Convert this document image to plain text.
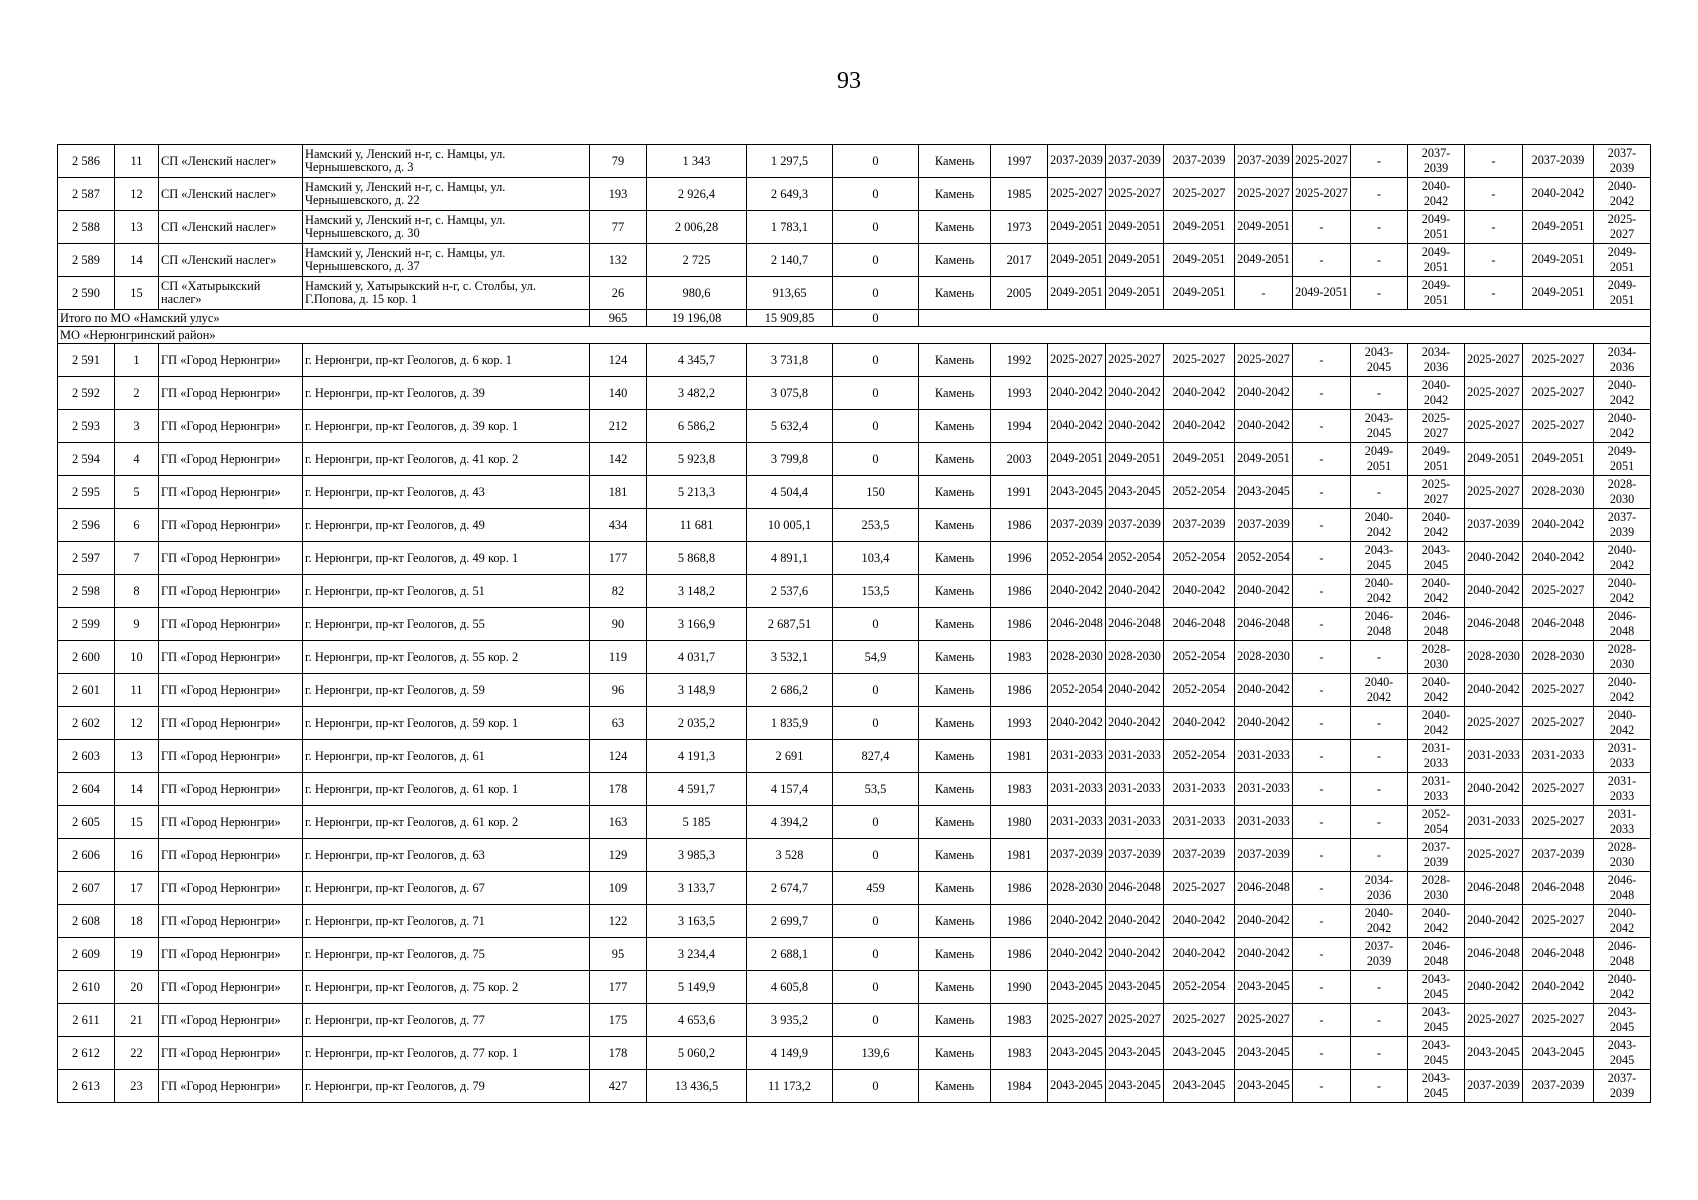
93
2 586	11	СП «Ленский наслег»	Намский у, Ленский н-г, с. Намцы, ул. Чернышевского, д. 3	79	1 343	1 297,5	0	Камень	1997	2037-2039	2037-2039	2037-2039	2037-2039	2025-2027	-	2037-2039	-	2037-2039	2037-2039
2 587	12	СП «Ленский наслег»	Намский у, Ленский н-г, с. Намцы, ул. Чернышевского, д. 22	193	2 926,4	2 649,3	0	Камень	1985	2025-2027	2025-2027	2025-2027	2025-2027	2025-2027	-	2040-2042	-	2040-2042	2040-2042
2 588	13	СП «Ленский наслег»	Намский у, Ленский н-г, с. Намцы, ул. Чернышевского, д. 30	77	2 006,28	1 783,1	0	Камень	1973	2049-2051	2049-2051	2049-2051	2049-2051	-	-	2049-2051	-	2049-2051	2025-2027
2 589	14	СП «Ленский наслег»	Намский у, Ленский н-г, с. Намцы, ул. Чернышевского, д. 37	132	2 725	2 140,7	0	Камень	2017	2049-2051	2049-2051	2049-2051	2049-2051	-	-	2049-2051	-	2049-2051	2049-2051
2 590	15	СП «Хатырыкский наслег»	Намский у, Хатырыкский н-г, с. Столбы, ул. Г.Попова, д. 15 кор. 1	26	980,6	913,65	0	Камень	2005	2049-2051	2049-2051	2049-2051	-	2049-2051	-	2049-2051	-	2049-2051	2049-2051
Итого по МО «Намский улус»				965	19 196,08	15 909,85	0												
МО «Нерюнгринский район»																			
2 591	1	ГП «Город Нерюнгри»	г. Нерюнгри, пр-кт Геологов, д. 6 кор. 1	124	4 345,7	3 731,8	0	Камень	1992	2025-2027	2025-2027	2025-2027	2025-2027	-	2043-2045	2034-2036	2025-2027	2025-2027	2034-2036
2 592	2	ГП «Город Нерюнгри»	г. Нерюнгри, пр-кт Геологов, д. 39	140	3 482,2	3 075,8	0	Камень	1993	2040-2042	2040-2042	2040-2042	2040-2042	-	-	2040-2042	2025-2027	2025-2027	2040-2042
2 593	3	ГП «Город Нерюнгри»	г. Нерюнгри, пр-кт Геологов, д. 39 кор. 1	212	6 586,2	5 632,4	0	Камень	1994	2040-2042	2040-2042	2040-2042	2040-2042	-	2043-2045	2025-2027	2025-2027	2025-2027	2040-2042
2 594	4	ГП «Город Нерюнгри»	г. Нерюнгри, пр-кт Геологов, д. 41 кор. 2	142	5 923,8	3 799,8	0	Камень	2003	2049-2051	2049-2051	2049-2051	2049-2051	-	2049-2051	2049-2051	2049-2051	2049-2051	2049-2051
2 595	5	ГП «Город Нерюнгри»	г. Нерюнгри, пр-кт Геологов, д. 43	181	5 213,3	4 504,4	150	Камень	1991	2043-2045	2043-2045	2052-2054	2043-2045	-	-	2025-2027	2025-2027	2028-2030	2028-2030
2 596	6	ГП «Город Нерюнгри»	г. Нерюнгри, пр-кт Геологов, д. 49	434	11 681	10 005,1	253,5	Камень	1986	2037-2039	2037-2039	2037-2039	2037-2039	-	2040-2042	2040-2042	2037-2039	2040-2042	2037-2039
2 597	7	ГП «Город Нерюнгри»	г. Нерюнгри, пр-кт Геологов, д. 49 кор. 1	177	5 868,8	4 891,1	103,4	Камень	1996	2052-2054	2052-2054	2052-2054	2052-2054	-	2043-2045	2043-2045	2040-2042	2040-2042	2040-2042
2 598	8	ГП «Город Нерюнгри»	г. Нерюнгри, пр-кт Геологов, д. 51	82	3 148,2	2 537,6	153,5	Камень	1986	2040-2042	2040-2042	2040-2042	2040-2042	-	2040-2042	2040-2042	2040-2042	2025-2027	2040-2042
2 599	9	ГП «Город Нерюнгри»	г. Нерюнгри, пр-кт Геологов, д. 55	90	3 166,9	2 687,51	0	Камень	1986	2046-2048	2046-2048	2046-2048	2046-2048	-	2046-2048	2046-2048	2046-2048	2046-2048	2046-2048
2 600	10	ГП «Город Нерюнгри»	г. Нерюнгри, пр-кт Геологов, д. 55 кор. 2	119	4 031,7	3 532,1	54,9	Камень	1983	2028-2030	2028-2030	2052-2054	2028-2030	-	-	2028-2030	2028-2030	2028-2030	2028-2030
2 601	11	ГП «Город Нерюнгри»	г. Нерюнгри, пр-кт Геологов, д. 59	96	3 148,9	2 686,2	0	Камень	1986	2052-2054	2040-2042	2052-2054	2040-2042	-	2040-2042	2040-2042	2040-2042	2025-2027	2040-2042
2 602	12	ГП «Город Нерюнгри»	г. Нерюнгри, пр-кт Геологов, д. 59 кор. 1	63	2 035,2	1 835,9	0	Камень	1993	2040-2042	2040-2042	2040-2042	2040-2042	-	-	2040-2042	2025-2027	2025-2027	2040-2042
2 603	13	ГП «Город Нерюнгри»	г. Нерюнгри, пр-кт Геологов, д. 61	124	4 191,3	2 691	827,4	Камень	1981	2031-2033	2031-2033	2052-2054	2031-2033	-	-	2031-2033	2031-2033	2031-2033	2031-2033
2 604	14	ГП «Город Нерюнгри»	г. Нерюнгри, пр-кт Геологов, д. 61 кор. 1	178	4 591,7	4 157,4	53,5	Камень	1983	2031-2033	2031-2033	2031-2033	2031-2033	-	-	2031-2033	2040-2042	2025-2027	2031-2033
2 605	15	ГП «Город Нерюнгри»	г. Нерюнгри, пр-кт Геологов, д. 61 кор. 2	163	5 185	4 394,2	0	Камень	1980	2031-2033	2031-2033	2031-2033	2031-2033	-	-	2052-2054	2031-2033	2025-2027	2031-2033
2 606	16	ГП «Город Нерюнгри»	г. Нерюнгри, пр-кт Геологов, д. 63	129	3 985,3	3 528	0	Камень	1981	2037-2039	2037-2039	2037-2039	2037-2039	-	-	2037-2039	2025-2027	2037-2039	2028-2030
2 607	17	ГП «Город Нерюнгри»	г. Нерюнгри, пр-кт Геологов, д. 67	109	3 133,7	2 674,7	459	Камень	1986	2028-2030	2046-2048	2025-2027	2046-2048	-	2034-2036	2028-2030	2046-2048	2046-2048	2046-2048
2 608	18	ГП «Город Нерюнгри»	г. Нерюнгри, пр-кт Геологов, д. 71	122	3 163,5	2 699,7	0	Камень	1986	2040-2042	2040-2042	2040-2042	2040-2042	-	2040-2042	2040-2042	2040-2042	2025-2027	2040-2042
2 609	19	ГП «Город Нерюнгри»	г. Нерюнгри, пр-кт Геологов, д. 75	95	3 234,4	2 688,1	0	Камень	1986	2040-2042	2040-2042	2040-2042	2040-2042	-	2037-2039	2046-2048	2046-2048	2046-2048	2046-2048
2 610	20	ГП «Город Нерюнгри»	г. Нерюнгри, пр-кт Геологов, д. 75 кор. 2	177	5 149,9	4 605,8	0	Камень	1990	2043-2045	2043-2045	2052-2054	2043-2045	-	-	2043-2045	2040-2042	2040-2042	2040-2042
2 611	21	ГП «Город Нерюнгри»	г. Нерюнгри, пр-кт Геологов, д. 77	175	4 653,6	3 935,2	0	Камень	1983	2025-2027	2025-2027	2025-2027	2025-2027	-	-	2043-2045	2025-2027	2025-2027	2043-2045
2 612	22	ГП «Город Нерюнгри»	г. Нерюнгри, пр-кт Геологов, д. 77 кор. 1	178	5 060,2	4 149,9	139,6	Камень	1983	2043-2045	2043-2045	2043-2045	2043-2045	-	-	2043-2045	2043-2045	2043-2045	2043-2045
2 613	23	ГП «Город Нерюнгри»	г. Нерюнгри, пр-кт Геологов, д. 79	427	13 436,5	11 173,2	0	Камень	1984	2043-2045	2043-2045	2043-2045	2043-2045	-	-	2043-2045	2037-2039	2037-2039	2037-2039
